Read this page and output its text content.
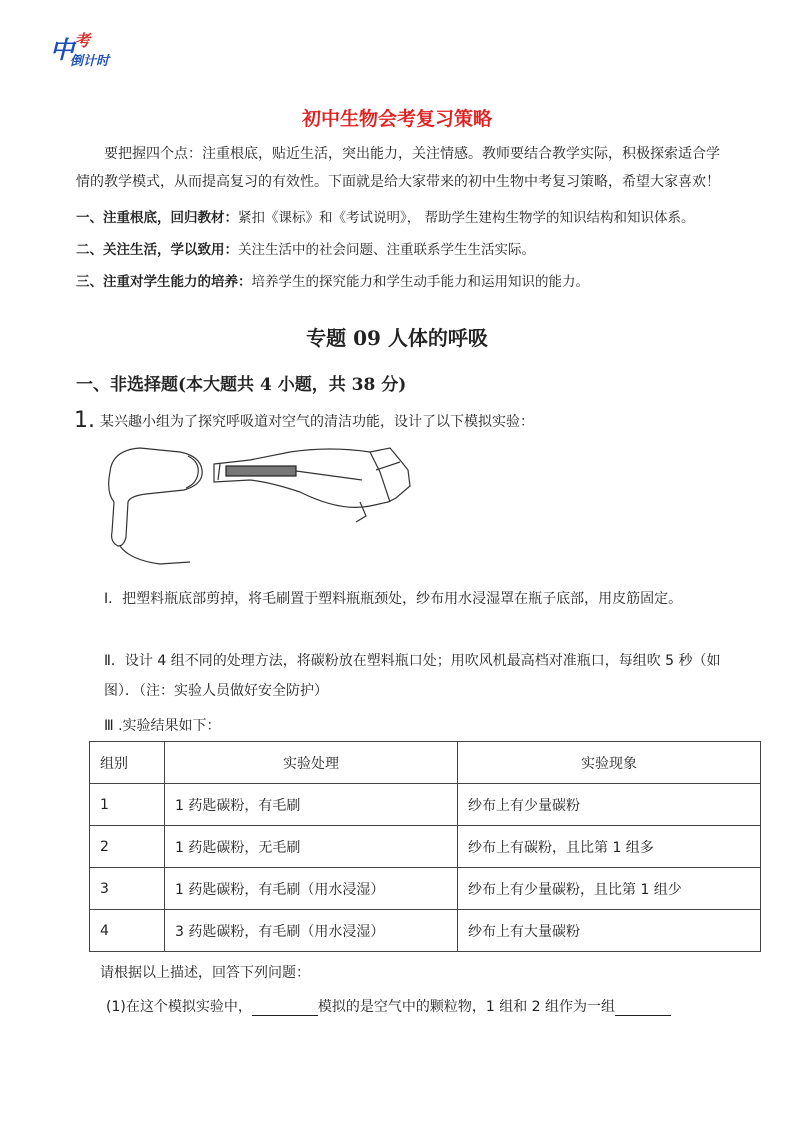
中 考
倒计时
初中生物会考复习策略
要把握四个点：注重根底，贴近生活，突出能力，关注情感。教师要结合教学实际，积极探索适合学情的教学模式，从而提高复习的有效性。下面就是给大家带来的初中生物中考复习策略，希望大家喜欢！
一、注重根底，回归教材：紧扣《课标》和《考试说明》， 帮助学生建构生物学的知识结构和知识体系。
二、关注生活，学以致用：关注生活中的社会问题、注重联系学生生活实际。
三、注重对学生能力的培养：培养学生的探究能力和学生动手能力和运用知识的能力。
专题 09 人体的呼吸
一、非选择题(本大题共 4 小题，共 38 分)
1. 某兴趣小组为了探究呼吸道对空气的清洁功能，设计了以下模拟实验：
Ⅰ．把塑料瓶底部剪掉，将毛刷置于塑料瓶瓶颈处，纱布用水浸湿罩在瓶子底部，用皮筋固定。
Ⅱ．设计 4 组不同的处理方法，将碳粉放在塑料瓶口处；用吹风机最高档对准瓶口，每组吹 5 秒（如图）．（注：实验人员做好安全防护）
Ⅲ .实验结果如下：
组别	实验处理	实验现象
1	1 药匙碳粉，有毛刷	纱布上有少量碳粉
2	1 药匙碳粉，无毛刷	纱布上有碳粉，且比第 1 组多
3	1 药匙碳粉，有毛刷（用水浸湿）	纱布上有少量碳粉，且比第 1 组少
4	3 药匙碳粉，有毛刷（用水浸湿）	纱布上有大量碳粉
请根据以上描述，回答下列问题：
(1)在这个模拟实验中，	模拟的是空气中的颗粒物，1 组和 2 组作为一组
